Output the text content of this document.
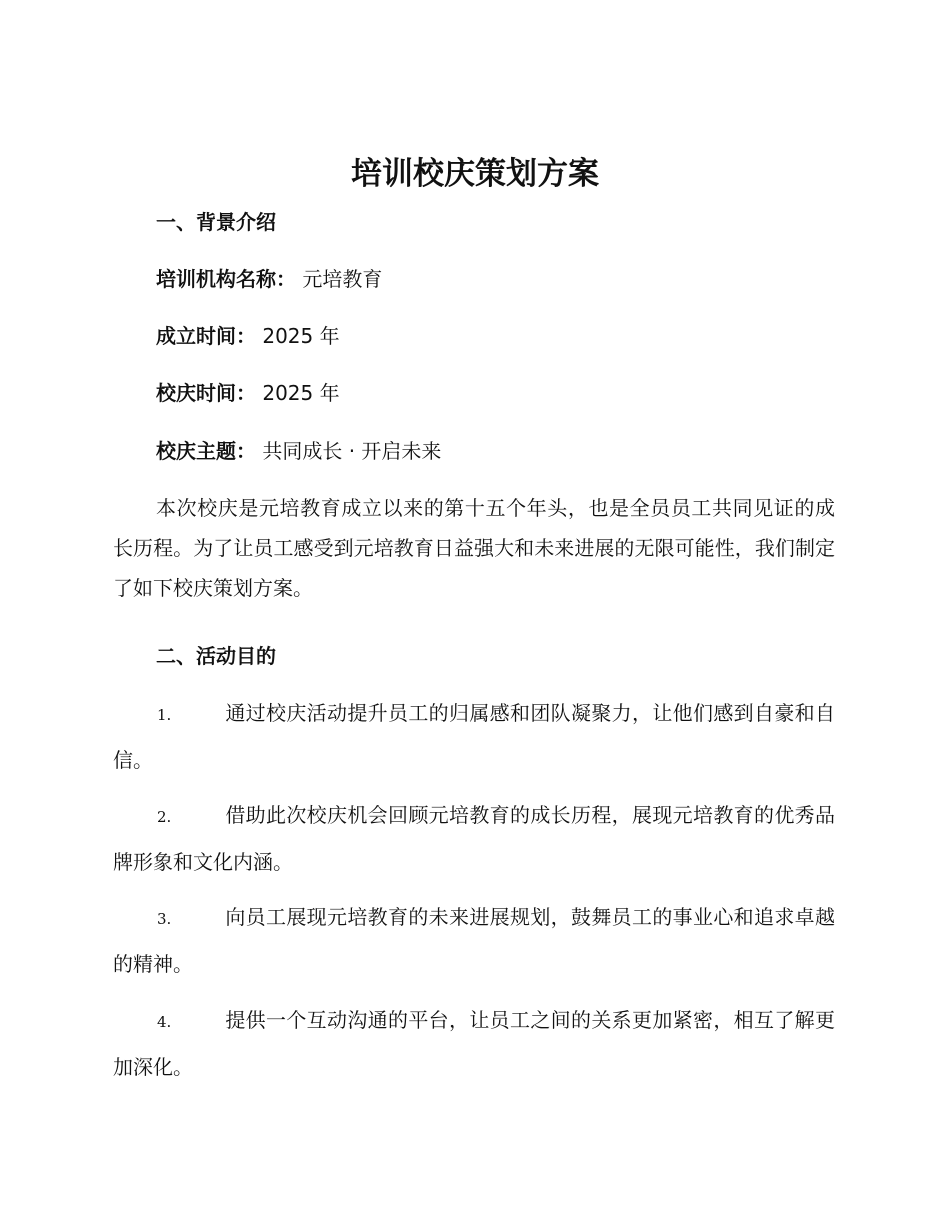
培训校庆策划方案
一、背景介绍
培训机构名称： 元培教育
成立时间： 2025 年
校庆时间： 2025 年
校庆主题： 共同成长 · 开启未来
本次校庆是元培教育成立以来的第十五个年头，也是全员员工共同见证的成长历程。为了让员工感受到元培教育日益强大和未来进展的无限可能性，我们制定了如下校庆策划方案。
二、活动目的
1.	通过校庆活动提升员工的归属感和团队凝聚力，让他们感到自豪和自信。
2.	借助此次校庆机会回顾元培教育的成长历程，展现元培教育的优秀品牌形象和文化内涵。
3.	向员工展现元培教育的未来进展规划，鼓舞员工的事业心和追求卓越的精神。
4.	提供一个互动沟通的平台，让员工之间的关系更加紧密，相互了解更加深化。
